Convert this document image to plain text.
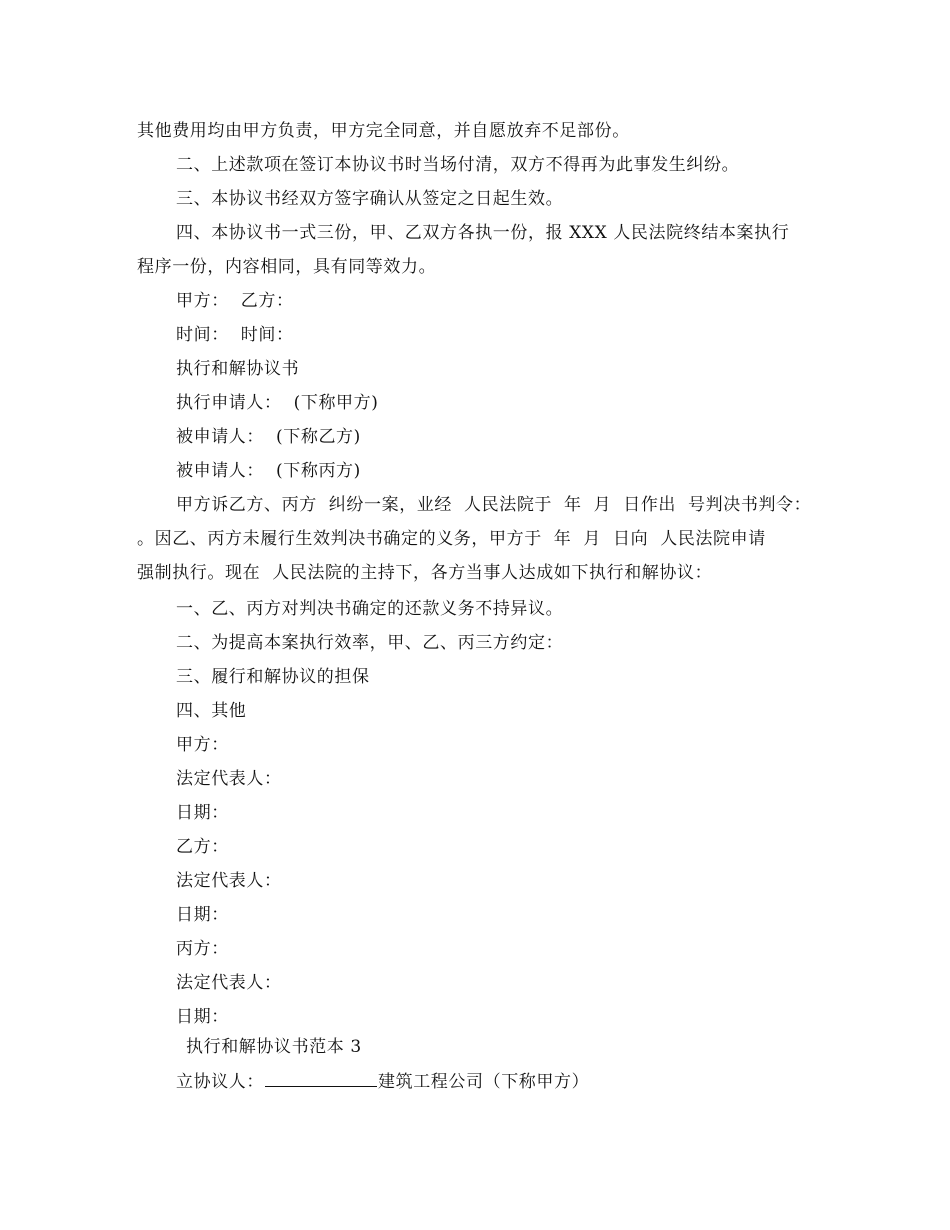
其他费用均由甲方负责，甲方完全同意，并自愿放弃不足部份。
二、上述款项在签订本协议书时当场付清，双方不得再为此事发生纠纷。
三、本协议书经双方签字确认从签定之日起生效。
四、本协议书一式三份，甲、乙双方各执一份，报 XXX 人民法院终结本案执行
程序一份，内容相同，具有同等效力。
甲方：  乙方：
时间：  时间：
执行和解协议书
执行申请人：  (下称甲方)
被申请人：  (下称乙方)
被申请人：  (下称丙方)
甲方诉乙方、丙方  纠纷一案，业经  人民法院于  年  月  日作出  号判决书判令：
。因乙、丙方未履行生效判决书确定的义务，甲方于  年  月  日向  人民法院申请
强制执行。现在  人民法院的主持下，各方当事人达成如下执行和解协议：
一、乙、丙方对判决书确定的还款义务不持异议。
二、为提高本案执行效率，甲、乙、丙三方约定：
三、履行和解协议的担保
四、其他
甲方：
法定代表人：
日期：
乙方：
法定代表人：
日期：
丙方：
法定代表人：
日期：
执行和解协议书范本 3
立协议人：	建筑工程公司（下称甲方）
